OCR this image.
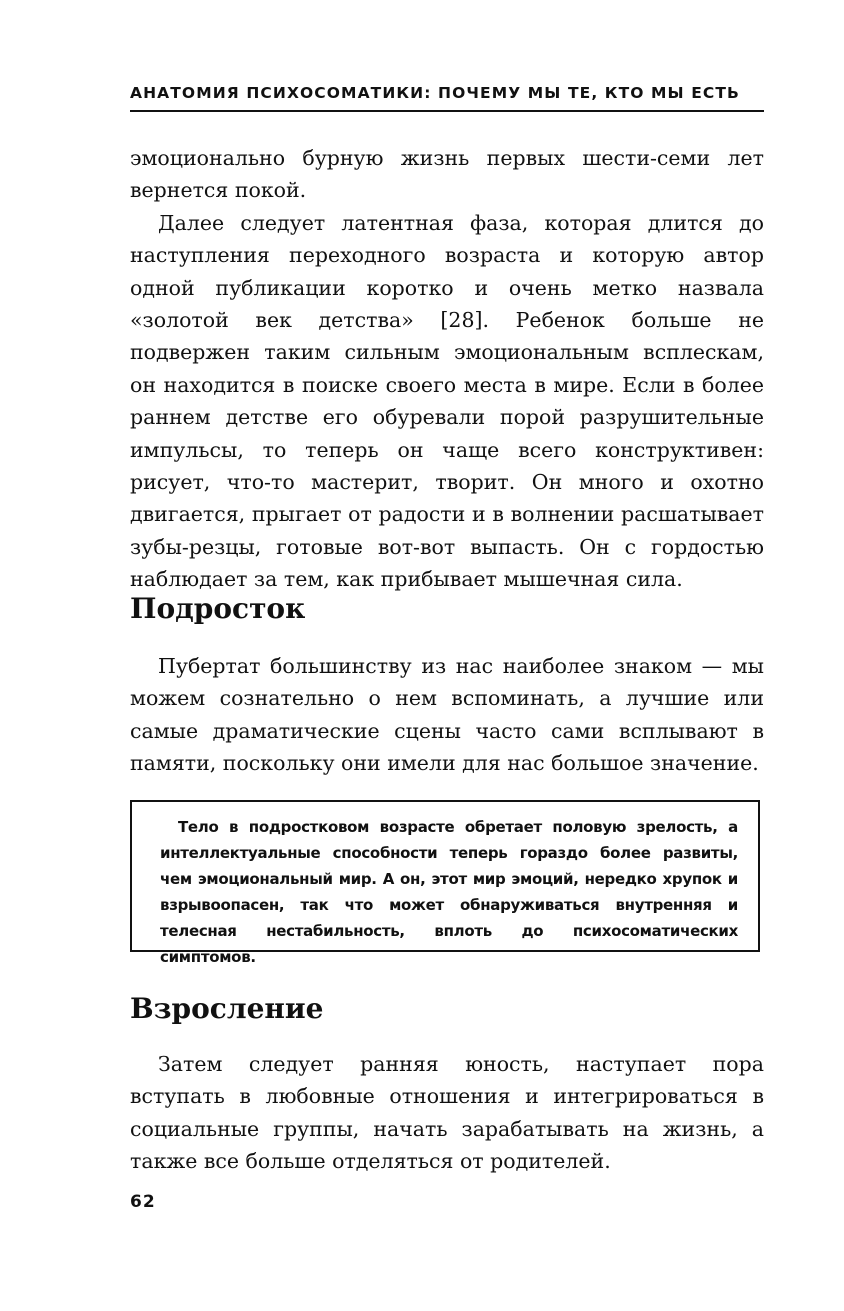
АНАТОМИЯ ПСИХОСОМАТИКИ: ПОЧЕМУ МЫ ТЕ, КТО МЫ ЕСТЬ

эмоционально бурную жизнь первых шести-семи лет вернется покой.

Далее следует латентная фаза, которая длится до наступления переходного возраста и которую автор одной публикации коротко и очень метко назвала «золотой век детства» [28]. Ребенок больше не подвержен таким сильным эмоциональным всплескам, он находится в поиске своего места в мире. Если в более раннем детстве его обуревали порой разрушительные импульсы, то теперь он чаще всего конструктивен: рисует, что-то мастерит, творит. Он много и охотно двигается, прыгает от радости и в волнении расшатывает зубы-резцы, готовые вот-вот выпасть. Он с гордостью наблюдает за тем, как прибывает мышечная сила.

Подросток

Пубертат большинству из нас наиболее знаком — мы можем сознательно о нем вспоминать, а лучшие или самые драматические сцены часто сами всплывают в памяти, поскольку они имели для нас большое значение.

Тело в подростковом возрасте обретает половую зрелость, а интеллектуальные способности теперь гораздо более развиты, чем эмоциональный мир. А он, этот мир эмоций, нередко хрупок и взрывоопасен, так что может обнаруживаться внутренняя и телесная нестабильность, вплоть до психосоматических симптомов.

Взросление

Затем следует ранняя юность, наступает пора вступать в любовные отношения и интегрироваться в социальные группы, начать зарабатывать на жизнь, а также все больше отделяться от родителей.

62
